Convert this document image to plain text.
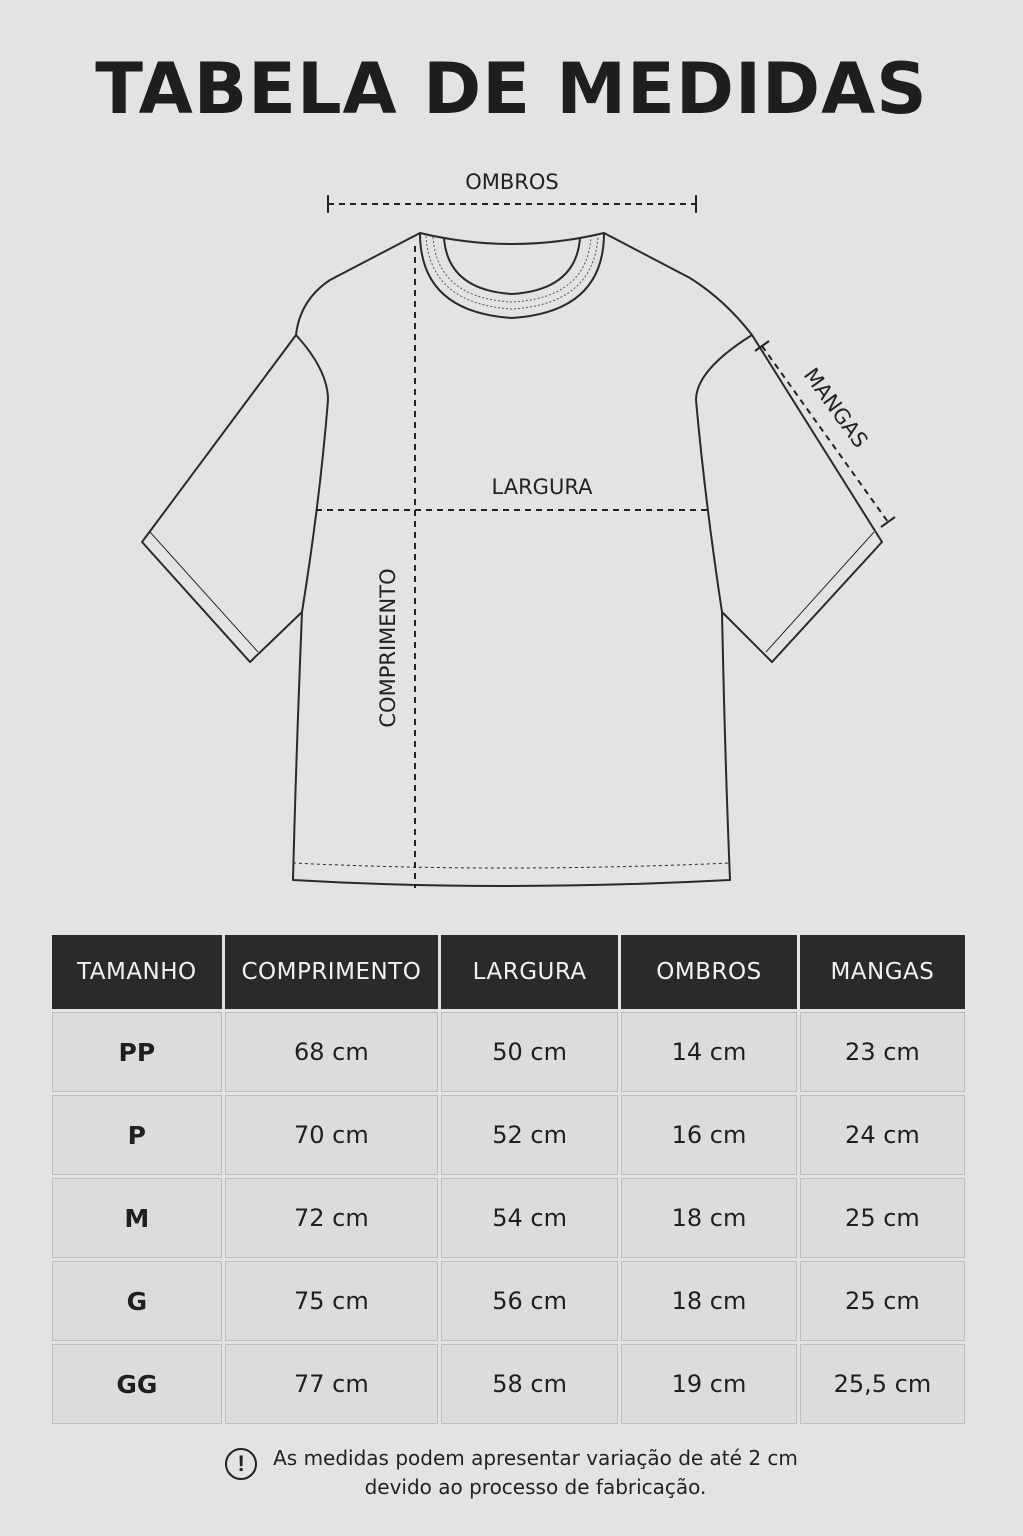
TABELA DE MEDIDAS
OMBROS
LARGURA
COMPRIMENTO
MANGAS
TAMANHO	COMPRIMENTO	LARGURA	OMBROS	MANGAS
PP	68 cm	50 cm	14 cm	23 cm
P	70 cm	52 cm	16 cm	24 cm
M	72 cm	54 cm	18 cm	25 cm
G	75 cm	56 cm	18 cm	25 cm
GG	77 cm	58 cm	19 cm	25,5 cm
!	As medidas podem apresentar variação de até 2 cm
devido ao processo de fabricação.
